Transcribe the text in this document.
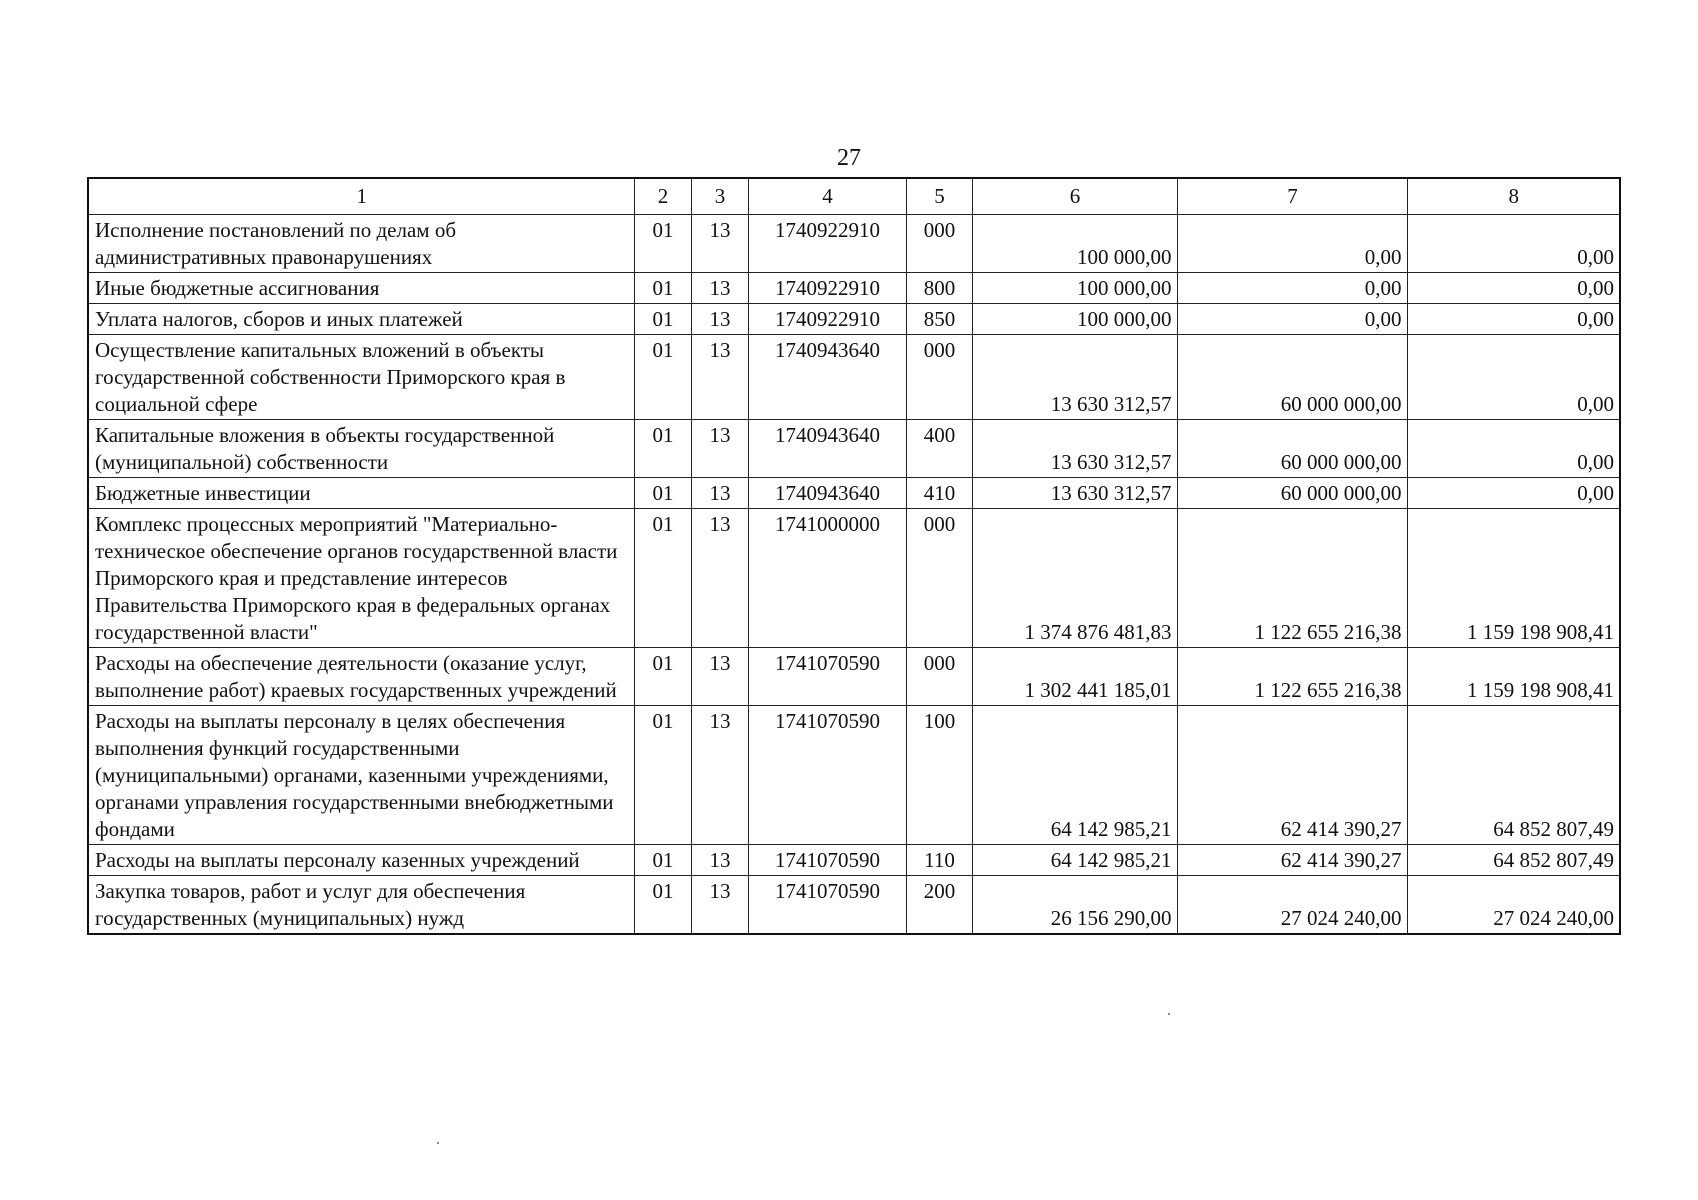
27
1	2	3	4	5	6	7	8
Исполнение постановлений по делам об административных правонарушениях	01	13	1740922910	000	100 000,00	0,00	0,00
Иные бюджетные ассигнования	01	13	1740922910	800	100 000,00	0,00	0,00
Уплата налогов, сборов и иных платежей	01	13	1740922910	850	100 000,00	0,00	0,00
Осуществление капитальных вложений в объекты государственной собственности Приморского края в социальной сфере	01	13	1740943640	000	13 630 312,57	60 000 000,00	0,00
Капитальные вложения в объекты государственной (муниципальной) собственности	01	13	1740943640	400	13 630 312,57	60 000 000,00	0,00
Бюджетные инвестиции	01	13	1740943640	410	13 630 312,57	60 000 000,00	0,00
Комплекс процессных мероприятий "Материально-техническое обеспечение органов государственной власти Приморского края и представление интересов Правительства Приморского края в федеральных органах государственной власти"	01	13	1741000000	000	1 374 876 481,83	1 122 655 216,38	1 159 198 908,41
Расходы на обеспечение деятельности (оказание услуг, выполнение работ) краевых государственных учреждений	01	13	1741070590	000	1 302 441 185,01	1 122 655 216,38	1 159 198 908,41
Расходы на выплаты персоналу в целях обеспечения выполнения функций государственными (муниципальными) органами, казенными учреждениями, органами управления государственными внебюджетными фондами	01	13	1741070590	100	64 142 985,21	62 414 390,27	64 852 807,49
Расходы на выплаты персоналу казенных учреждений	01	13	1741070590	110	64 142 985,21	62 414 390,27	64 852 807,49
Закупка товаров, работ и услуг для обеспечения государственных (муниципальных) нужд	01	13	1741070590	200	26 156 290,00	27 024 240,00	27 024 240,00
